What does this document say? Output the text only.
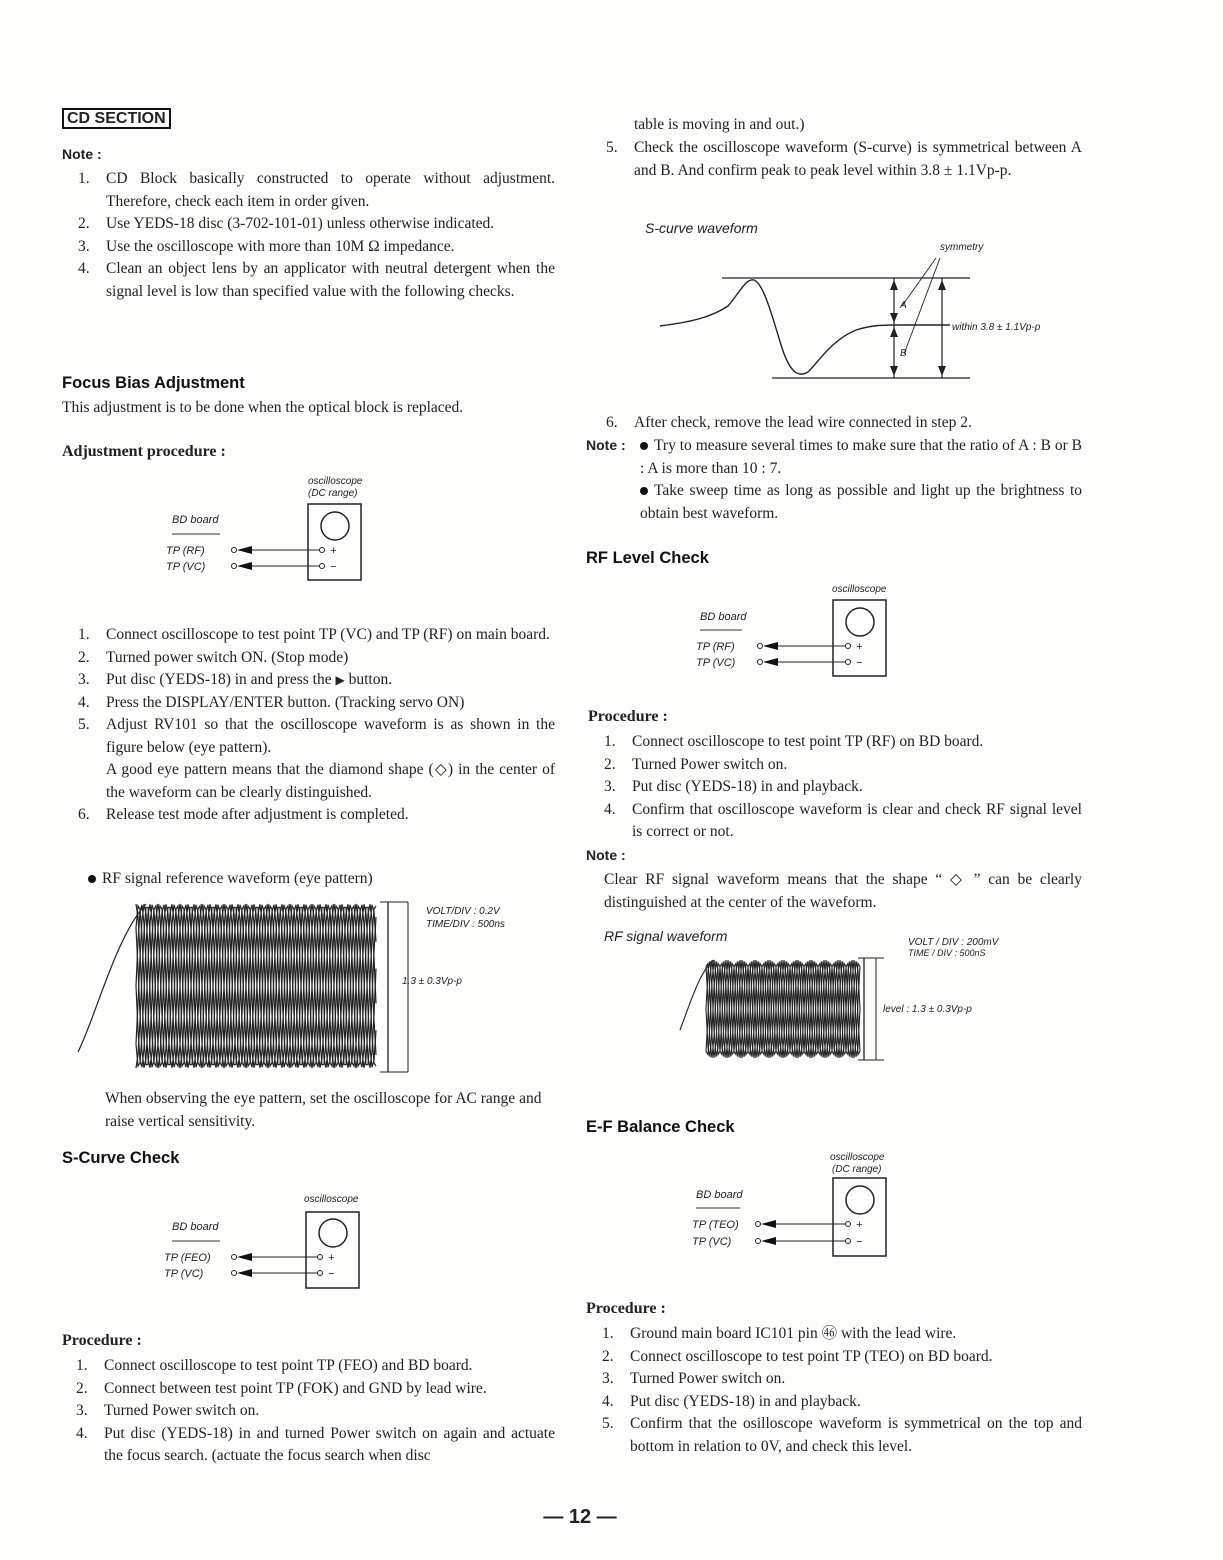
CD SECTION
Note :
1. CD Block basically constructed to operate without adjustment. Therefore, check each item in order given.
2. Use YEDS-18 disc (3-702-101-01) unless otherwise indicated.
3. Use the oscilloscope with more than 10M Ω impedance.
4. Clean an object lens by an applicator with neutral detergent when the signal level is low than specified value with the following checks.
Focus Bias Adjustment
This adjustment is to be done when the optical block is replaced.
Adjustment procedure :
oscilloscope
(DC range)
BD board
TP (RF)
TP (VC)
+
−
1. Connect oscilloscope to test point TP (VC) and TP (RF) on main board.
2. Turned power switch ON. (Stop mode)
3. Put disc (YEDS-18) in and press the ▶ button.
4. Press the DISPLAY/ENTER button. (Tracking servo ON)
5. Adjust RV101 so that the oscilloscope waveform is as shown in the figure below (eye pattern).
A good eye pattern means that the diamond shape (◇) in the center of the waveform can be clearly distinguished.
6. Release test mode after adjustment is completed.
RF signal reference waveform (eye pattern)
VOLT/DIV : 0.2V
TIME/DIV : 500ns
1.3 ± 0.3Vp-p
When observing the eye pattern, set the oscilloscope for AC range and raise vertical sensitivity.
S-Curve Check
oscilloscope
BD board
TP (FEO)
TP (VC)
+
−
Procedure :
1. Connect oscilloscope to test point TP (FEO) and BD board.
2. Connect between test point TP (FOK) and GND by lead wire.
3. Turned Power switch on.
4. Put disc (YEDS-18) in and turned Power switch on again and actuate the focus search. (actuate the focus search when disc
table is moving in and out.)
5. Check the oscilloscope waveform (S-curve) is symmetrical between A and B. And confirm peak to peak level within 3.8 ± 1.1Vp-p.
S-curve waveform
symmetry
A
B
within 3.8 ± 1.1Vp-p
6. After check, remove the lead wire connected in step 2.
Note :	Try to measure several times to make sure that the ratio of A : B or B : A is more than 10 : 7.
Take sweep time as long as possible and light up the brightness to obtain best waveform.
RF Level Check
oscilloscope
BD board
TP (RF)
TP (VC)
+
−
Procedure :
1. Connect oscilloscope to test point TP (RF) on BD board.
2. Turned Power switch on.
3. Put disc (YEDS-18) in and playback.
4. Confirm that oscilloscope waveform is clear and check RF signal level is correct or not.
Note :
Clear RF signal waveform means that the shape “ ◇ ” can be clearly distinguished at the center of the waveform.
RF signal waveform	VOLT / DIV : 200mV
TIME / DIV : 500nS
level : 1.3 ± 0.3Vp-p
E-F Balance Check
oscilloscope
(DC range)
BD board
TP (TEO)
TP (VC)
+
−
Procedure :
1. Ground main board IC101 pin ㊻ with the lead wire.
2. Connect oscilloscope to test point TP (TEO) on BD board.
3. Turned Power switch on.
4. Put disc (YEDS-18) in and playback.
5. Confirm that the osilloscope waveform is symmetrical on the top and bottom in relation to 0V, and check this level.
— 12 —
